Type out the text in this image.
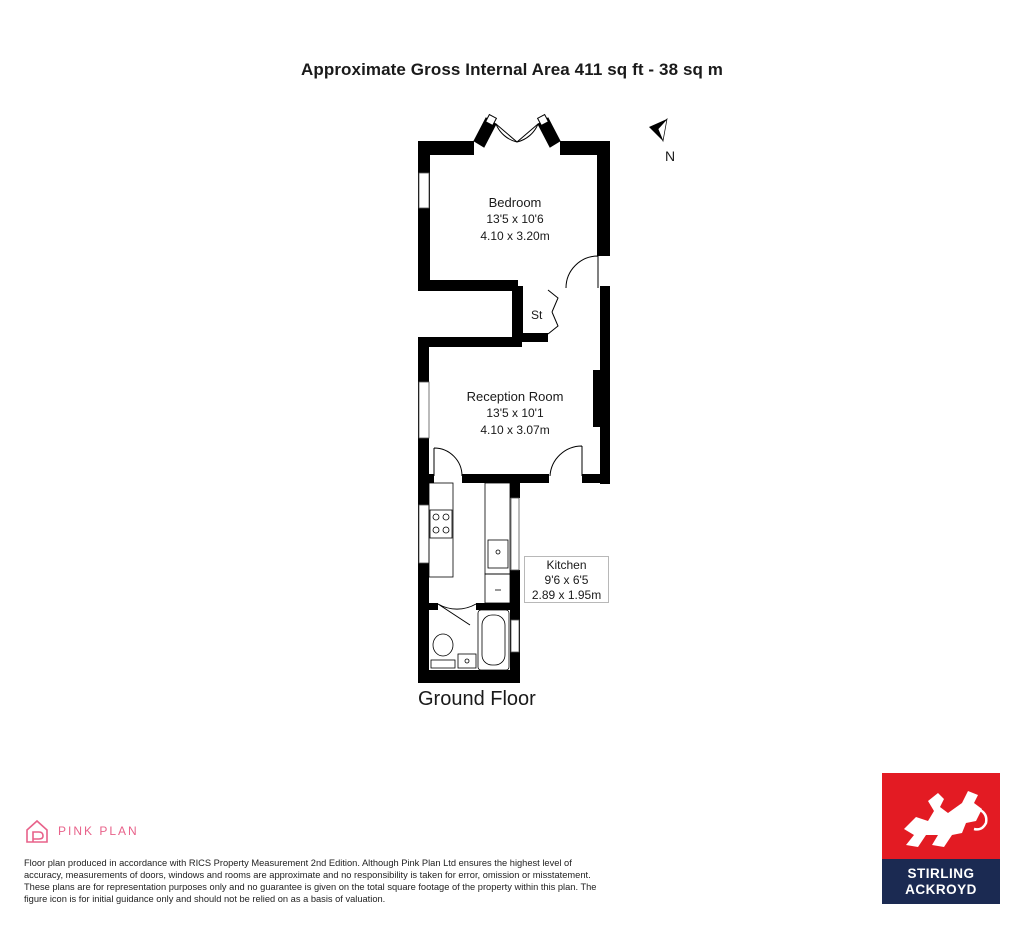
Approximate Gross Internal Area 411 sq ft - 38 sq m
N
Bedroom
13'5 x 10'6
4.10 x 3.20m
St
Reception Room
13'5 x 10'1
4.10 x 3.07m
Kitchen
9'6 x 6'5
2.89 x 1.95m
Ground Floor
PINK PLAN
Floor plan produced in accordance with RICS Property Measurement 2nd Edition. Although Pink Plan Ltd ensures the highest level of accuracy, measurements of doors, windows and rooms are approximate and no responsibility is taken for error, omission or misstatement. These plans are for representation purposes only and no guarantee is given on the total square footage of the property within this plan. The figure icon is for initial guidance only and should not be relied on as a basis of valuation.
STIRLING
ACKROYD
